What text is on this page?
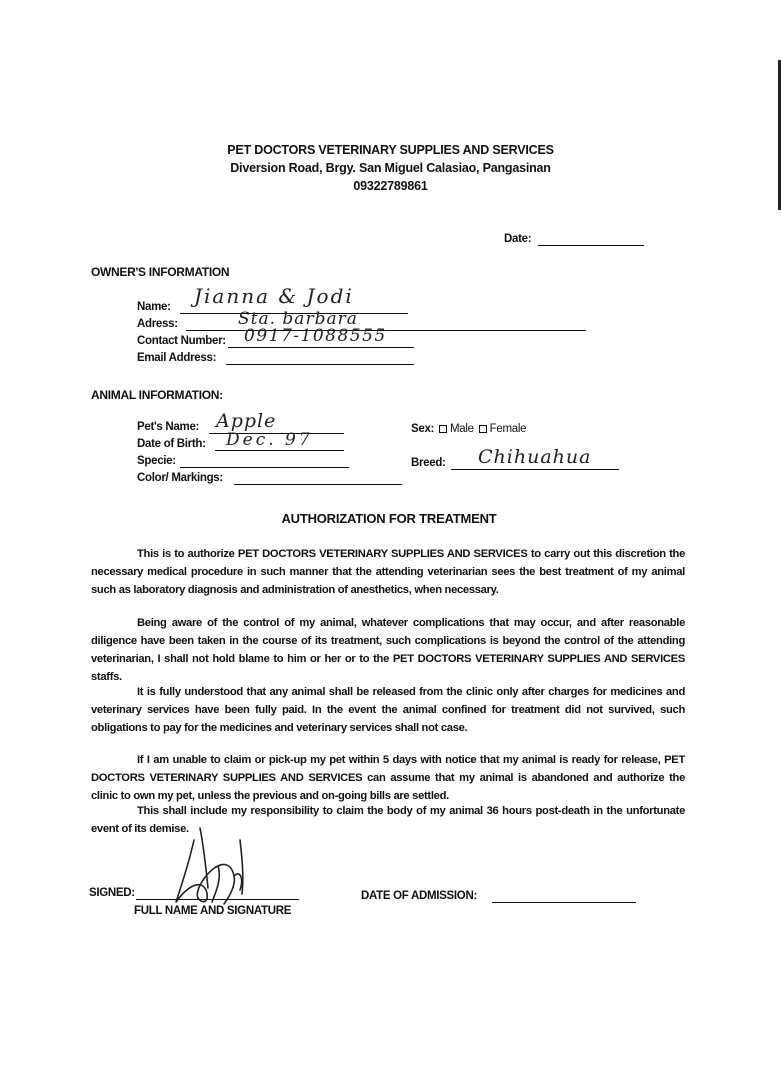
PET DOCTORS VETERINARY SUPPLIES AND SERVICES
Diversion Road, Brgy. San Miguel Calasiao, Pangasinan
09322789861
Date:
OWNER'S INFORMATION
Name: Jianna & Jodi
Adress:	Sta. barbara
Contact Number: 0917-1088555
Email Address:
ANIMAL INFORMATION:
Pet's Name: Apple
Date of Birth: Dec. 97
Specie:
Color/ Markings:
Sex: Male Female
Breed: Chihuahua
AUTHORIZATION FOR TREATMENT

This is to authorize PET DOCTORS VETERINARY SUPPLIES AND SERVICES to carry out this discretion the necessary medical procedure in such manner that the attending veterinarian sees the best treatment of my animal such as laboratory diagnosis and administration of anesthetics, when necessary.

Being aware of the control of my animal, whatever complications that may occur, and after reasonable diligence have been taken in the course of its treatment, such complications is beyond the control of the attending veterinarian, I shall not hold blame to him or her or to the PET DOCTORS VETERINARY SUPPLIES AND SERVICES staffs.

It is fully understood that any animal shall be released from the clinic only after charges for medicines and veterinary services have been fully paid. In the event the animal confined for treatment did not survived, such obligations to pay for the medicines and veterinary services shall not case.

If I am unable to claim or pick-up my pet within 5 days with notice that my animal is ready for release, PET DOCTORS VETERINARY SUPPLIES AND SERVICES can assume that my animal is abandoned and authorize the clinic to own my pet, unless the previous and on-going bills are settled.

This shall include my responsibility to claim the body of my animal 36 hours post-death in the unfortunate event of its demise.

SIGNED:
FULL NAME AND SIGNATURE
DATE OF ADMISSION:
